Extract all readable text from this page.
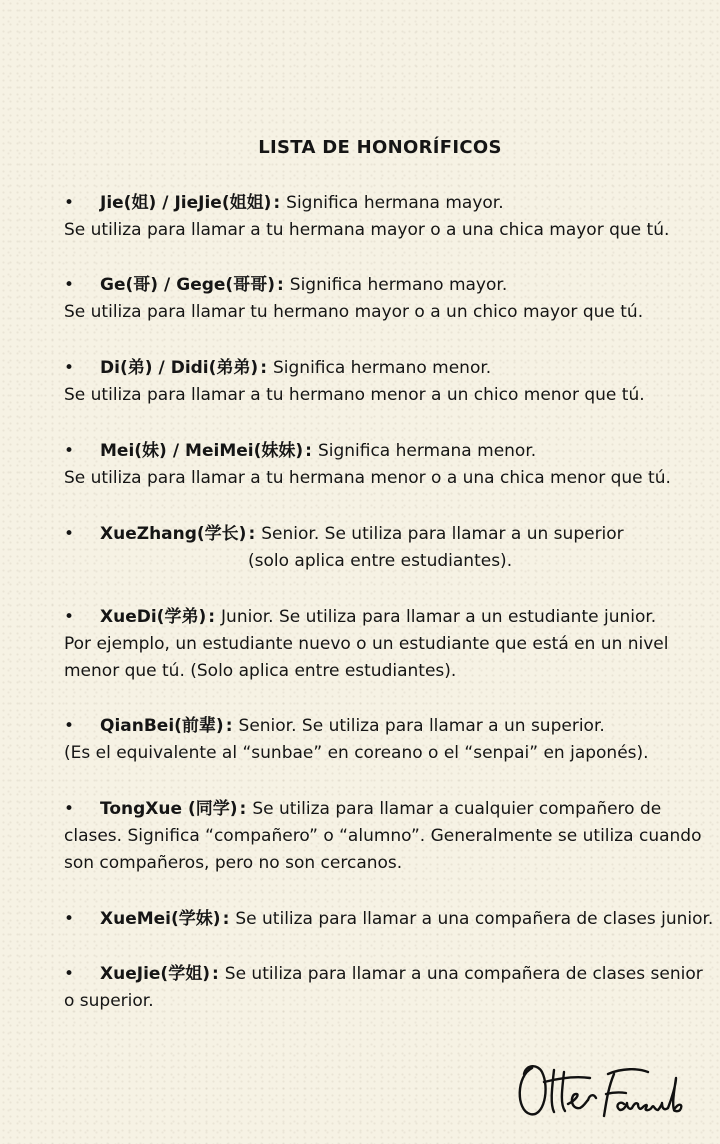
LISTA DE HONORÍFICOS
• Jie(姐) / JieJie(姐姐) : Significa hermana mayor.
Se utiliza para llamar a tu hermana mayor o a una chica mayor que tú.
• Ge(哥) / Gege(哥哥) : Significa hermano mayor.
Se utiliza para llamar tu hermano mayor o a un chico mayor que tú.
• Di(弟) / Didi(弟弟) : Significa hermano menor.
Se utiliza para llamar a tu hermano menor a un chico menor que tú.
• Mei(妹) / MeiMei(妹妹) : Significa hermana menor.
Se utiliza para llamar a tu hermana menor o a una chica menor que tú.
• XueZhang(学长) : Senior. Se utiliza para llamar a un superior
(solo aplica entre estudiantes).
• XueDi(学弟) : Junior. Se utiliza para llamar a un estudiante junior.
Por ejemplo, un estudiante nuevo o un estudiante que está en un nivel
menor que tú. (Solo aplica entre estudiantes).
• QianBei(前辈) : Senior. Se utiliza para llamar a un superior.
(Es el equivalente al “sunbae” en coreano o el “senpai” en japonés).
• TongXue (同学) : Se utiliza para llamar a cualquier compañero de
clases. Significa “compañero” o “alumno”. Generalmente se utiliza cuando
son compañeros, pero no son cercanos.
• XueMei(学妹) : Se utiliza para llamar a una compañera de clases junior.
• XueJie(学姐) : Se utiliza para llamar a una compañera de clases senior
o superior.
